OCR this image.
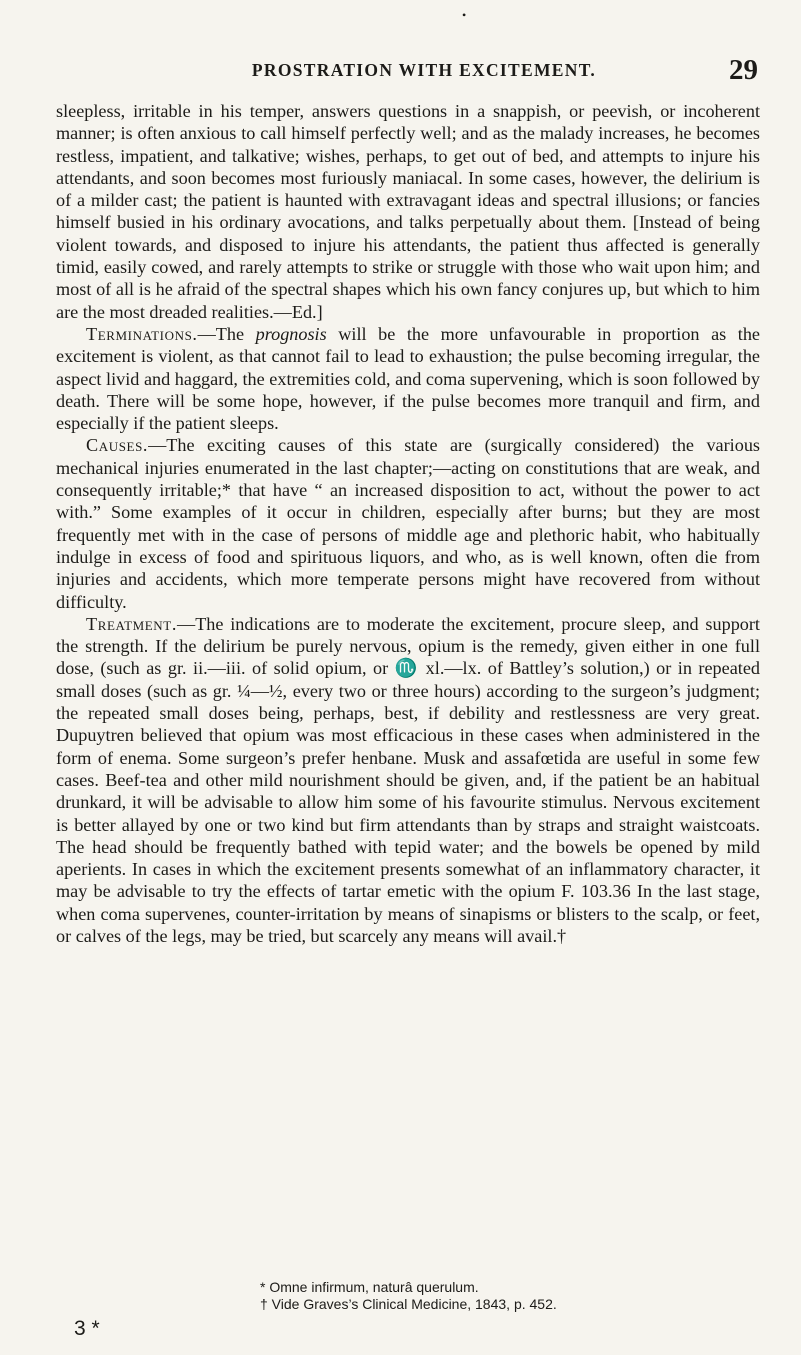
•
PROSTRATION WITH EXCITEMENT.	29

sleepless, irritable in his temper, answers questions in a snappish, or peevish, or incoherent manner; is often anxious to call himself perfectly well; and as the malady increases, he becomes restless, impatient, and talkative; wishes, perhaps, to get out of bed, and attempts to injure his attendants, and soon becomes most furiously maniacal. In some cases, however, the delirium is of a milder cast; the patient is haunted with extravagant ideas and spectral illusions; or fancies himself busied in his ordinary avocations, and talks perpetually about them. [Instead of being violent towards, and disposed to injure his attendants, the patient thus affected is generally timid, easily cowed, and rarely attempts to strike or struggle with those who wait upon him; and most of all is he afraid of the spectral shapes which his own fancy conjures up, but which to him are the most dreaded realities.—Ed.]

Terminations.—The prognosis will be the more unfavourable in proportion as the excitement is violent, as that cannot fail to lead to exhaustion; the pulse becoming irregular, the aspect livid and haggard, the extremities cold, and coma supervening, which is soon followed by death. There will be some hope, however, if the pulse becomes more tranquil and firm, and especially if the patient sleeps.

Causes.—The exciting causes of this state are (surgically considered) the various mechanical injuries enumerated in the last chapter;—acting on constitutions that are weak, and consequently irritable;* that have “ an increased disposition to act, without the power to act with.” Some examples of it occur in children, especially after burns; but they are most frequently met with in the case of persons of middle age and plethoric habit, who habitually indulge in excess of food and spirituous liquors, and who, as is well known, often die from injuries and accidents, which more temperate persons might have recovered from without difficulty.

Treatment.—The indications are to moderate the excitement, procure sleep, and support the strength. If the delirium be purely nervous, opium is the remedy, given either in one full dose, (such as gr. ii.—iii. of solid opium, or ♏ xl.—lx. of Battley’s solution,) or in repeated small doses (such as gr. ¼—½, every two or three hours) according to the surgeon’s judgment; the repeated small doses being, perhaps, best, if debility and restlessness are very great. Dupuytren believed that opium was most efficacious in these cases when administered in the form of enema. Some surgeon’s prefer henbane. Musk and assafœtida are useful in some few cases. Beef-tea and other mild nourishment should be given, and, if the patient be an habitual drunkard, it will be advisable to allow him some of his favourite stimulus. Nervous excitement is better allayed by one or two kind but firm attendants than by straps and straight waistcoats. The head should be frequently bathed with tepid water; and the bowels be opened by mild aperients. In cases in which the excitement presents somewhat of an inflammatory character, it may be advisable to try the effects of tartar emetic with the opium F. 103.36 In the last stage, when coma supervenes, counter-irritation by means of sinapisms or blisters to the scalp, or feet, or calves of the legs, may be tried, but scarcely any means will avail.†

* Omne infirmum, naturâ querulum.

† Vide Graves’s Clinical Medicine, 1843, p. 452.

3 *
